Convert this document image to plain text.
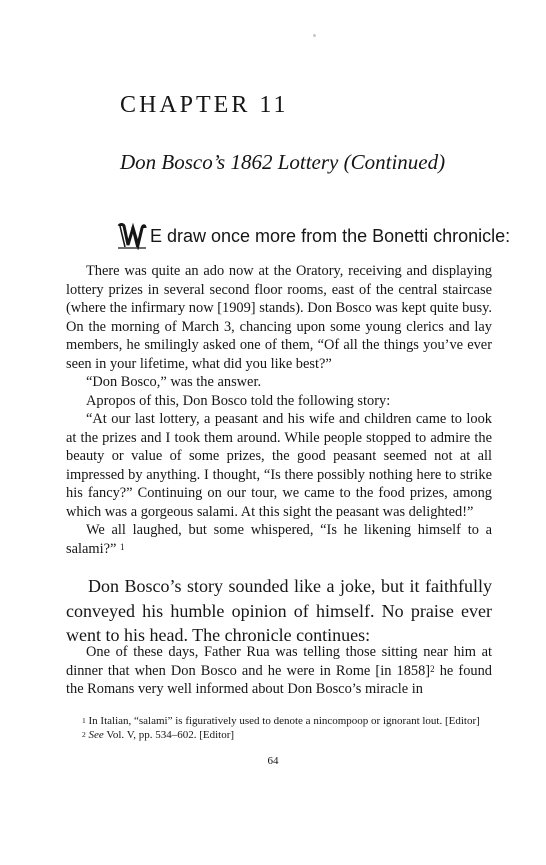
CHAPTER 11
Don Bosco’s 1862 Lottery (Continued)
E draw once more from the Bonetti chronicle:

There was quite an ado now at the Oratory, receiving and displaying lottery prizes in several second floor rooms, east of the central staircase (where the infirmary now [1909] stands). Don Bosco was kept quite busy. On the morning of March 3, chancing upon some young clerics and lay members, he smilingly asked one of them, “Of all the things you’ve ever seen in your lifetime, what did you like best?”

“Don Bosco,” was the answer.

Apropos of this, Don Bosco told the following story:

“At our last lottery, a peasant and his wife and children came to look at the prizes and I took them around. While people stopped to admire the beauty or value of some prizes, the good peasant seemed not at all impressed by anything. I thought, “Is there possibly nothing here to strike his fancy?” Continuing on our tour, we came to the food prizes, among which was a gorgeous salami. At this sight the peasant was delighted!”

We all laughed, but some whispered, “Is he likening himself to a salami?” $^1$

Don Bosco’s story sounded like a joke, but it faithfully conveyed his humble opinion of himself. No praise ever went to his head. The chronicle continues:

One of these days, Father Rua was telling those sitting near him at dinner that when Don Bosco and he were in Rome [in 1858]$^2$ he found the Romans very well informed about Don Bosco’s miracle in

$^1$ In Italian, “salami” is figuratively used to denote a nincompoop or ignorant lout. [Editor]

$^2$ See Vol. V, pp. 534–602. [Editor]

64
